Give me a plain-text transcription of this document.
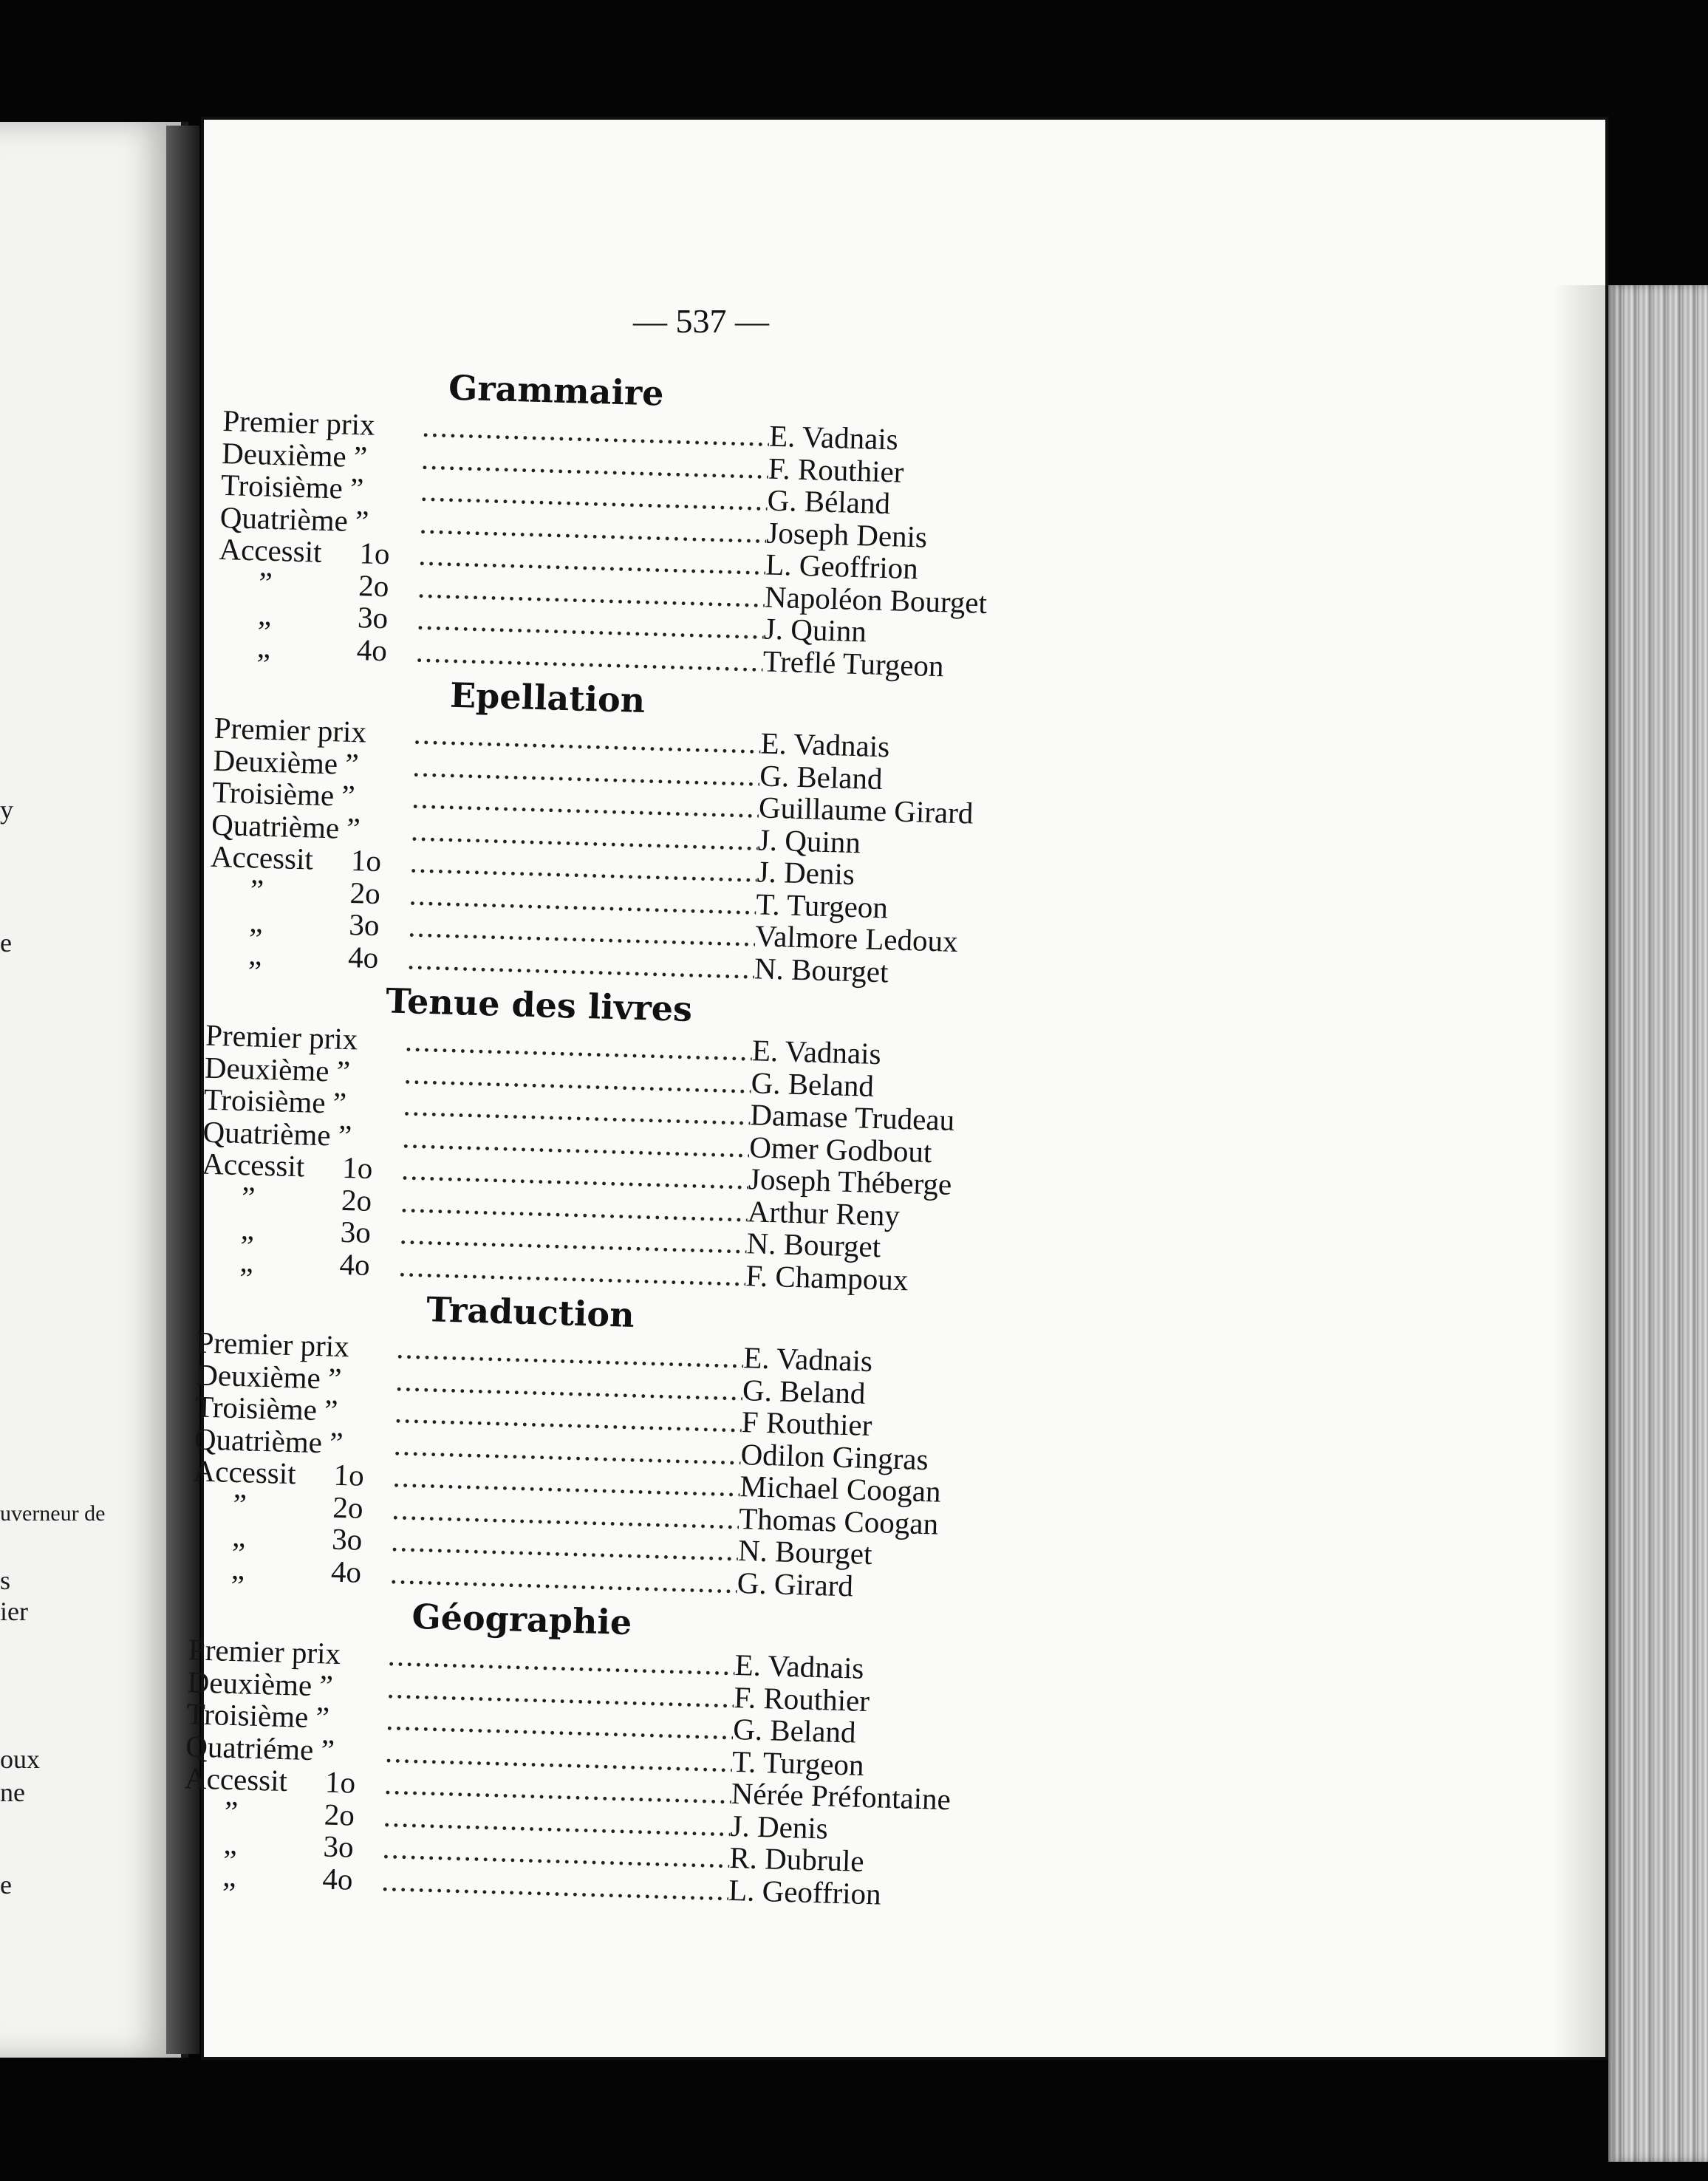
y
e
uverneur de
s
ier
oux
ne
e
— 537 —
Grammaire
Premier prix .....	E. Vadnais
Deuxième ” .....	F. Routhier
Troisième ” .....	G. Béland
Quatrième ” .....	Joseph Denis
Accessit	1o .....	L. Geoffrion
”	2o .....	Napoléon Bourget
„	3o .....	J. Quinn
„	4o .....	Treflé Turgeon
Epellation
Premier prix .....	E. Vadnais
Deuxième ” .....	G. Beland
Troisième ” .....	Guillaume Girard
Quatrième ” .....	J. Quinn
Accessit	1o .....	J. Denis
”	2o .....	T. Turgeon
„	3o .....	Valmore Ledoux
„	4o .....	N. Bourget
Tenue des livres
Premier prix .....	E. Vadnais
Deuxième ” .....	G. Beland
Troisième ” .....	Damase Trudeau
Quatrième ” .....	Omer Godbout
Accessit	1o .....	Joseph Théberge
”	2o .....	Arthur Reny
„	3o .....	N. Bourget
„	4o .....	F. Champoux
Traduction
Premier prix .....	E. Vadnais
Deuxième ” .....	G. Beland
Troisième ” .....	F Routhier
Quatrième ” .....	Odilon Gingras
Accessit	1o .....	Michael Coogan
”	2o .....	Thomas Coogan
„	3o .....	N. Bourget
„	4o .....	G. Girard
Géographie
Premier prix .....	E. Vadnais
Deuxième ” .....	F. Routhier
Troisième ” .....	G. Beland
Quatriéme ” .....	T. Turgeon
Accessit	1o .....	Nérée Préfontaine
”	2o .....	J. Denis
„	3o .....	R. Dubrule
„	4o .....	L. Geoffrion
